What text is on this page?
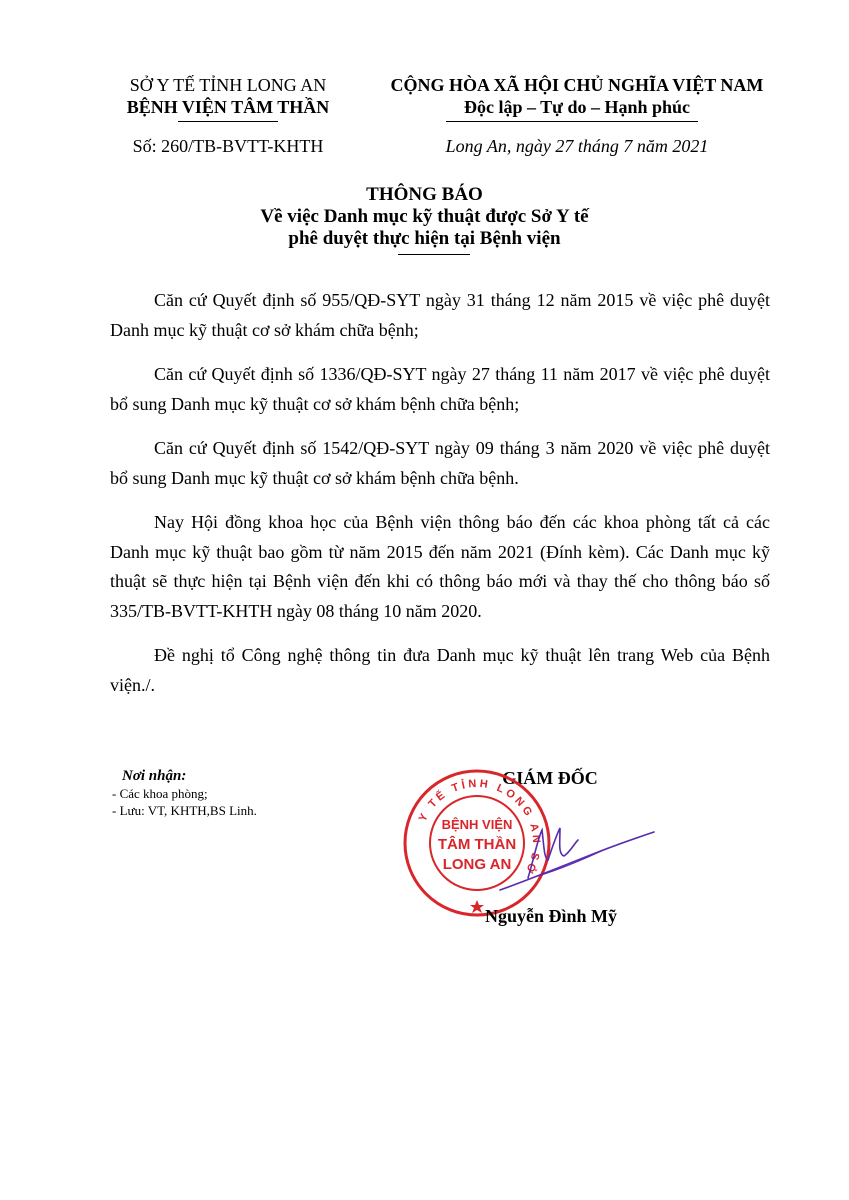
SỞ Y TẾ TỈNH LONG AN
BỆNH VIỆN TÂM THẦN
CỘNG HÒA XÃ HỘI CHỦ NGHĨA VIỆT NAM
Độc lập – Tự do – Hạnh phúc
Số: 260/TB-BVTT-KHTH	Long An, ngày 27 tháng 7 năm 2021
THÔNG BÁO
Về việc Danh mục kỹ thuật được Sở Y tế
phê duyệt thực hiện tại Bệnh viện

Căn cứ Quyết định số 955/QĐ-SYT ngày 31 tháng 12 năm 2015 về việc phê duyệt Danh mục kỹ thuật cơ sở khám chữa bệnh;

Căn cứ Quyết định số 1336/QĐ-SYT ngày 27 tháng 11 năm 2017 về việc phê duyệt bổ sung Danh mục kỹ thuật cơ sở khám bệnh chữa bệnh;

Căn cứ Quyết định số 1542/QĐ-SYT ngày 09 tháng 3 năm 2020 về việc phê duyệt bổ sung Danh mục kỹ thuật cơ sở khám bệnh chữa bệnh.

Nay Hội đồng khoa học của Bệnh viện thông báo đến các khoa phòng tất cả các Danh mục kỹ thuật bao gồm từ năm 2015 đến năm 2021 (Đính kèm). Các Danh mục kỹ thuật sẽ thực hiện tại Bệnh viện đến khi có thông báo mới và thay thế cho thông báo số 335/TB-BVTT-KHTH ngày 08 tháng 10 năm 2020.

Đề nghị tổ Công nghệ thông tin đưa Danh mục kỹ thuật lên trang Web của Bệnh viện./.

Nơi nhận:
- Các khoa phòng;
- Lưu: VT, KHTH,BS Linh.
GIÁM ĐỐC
Y TẾ TỈNH LONG AN SỞ
BỆNH VIỆN
TÂM THẦN
LONG AN
Nguyễn Đình Mỹ
